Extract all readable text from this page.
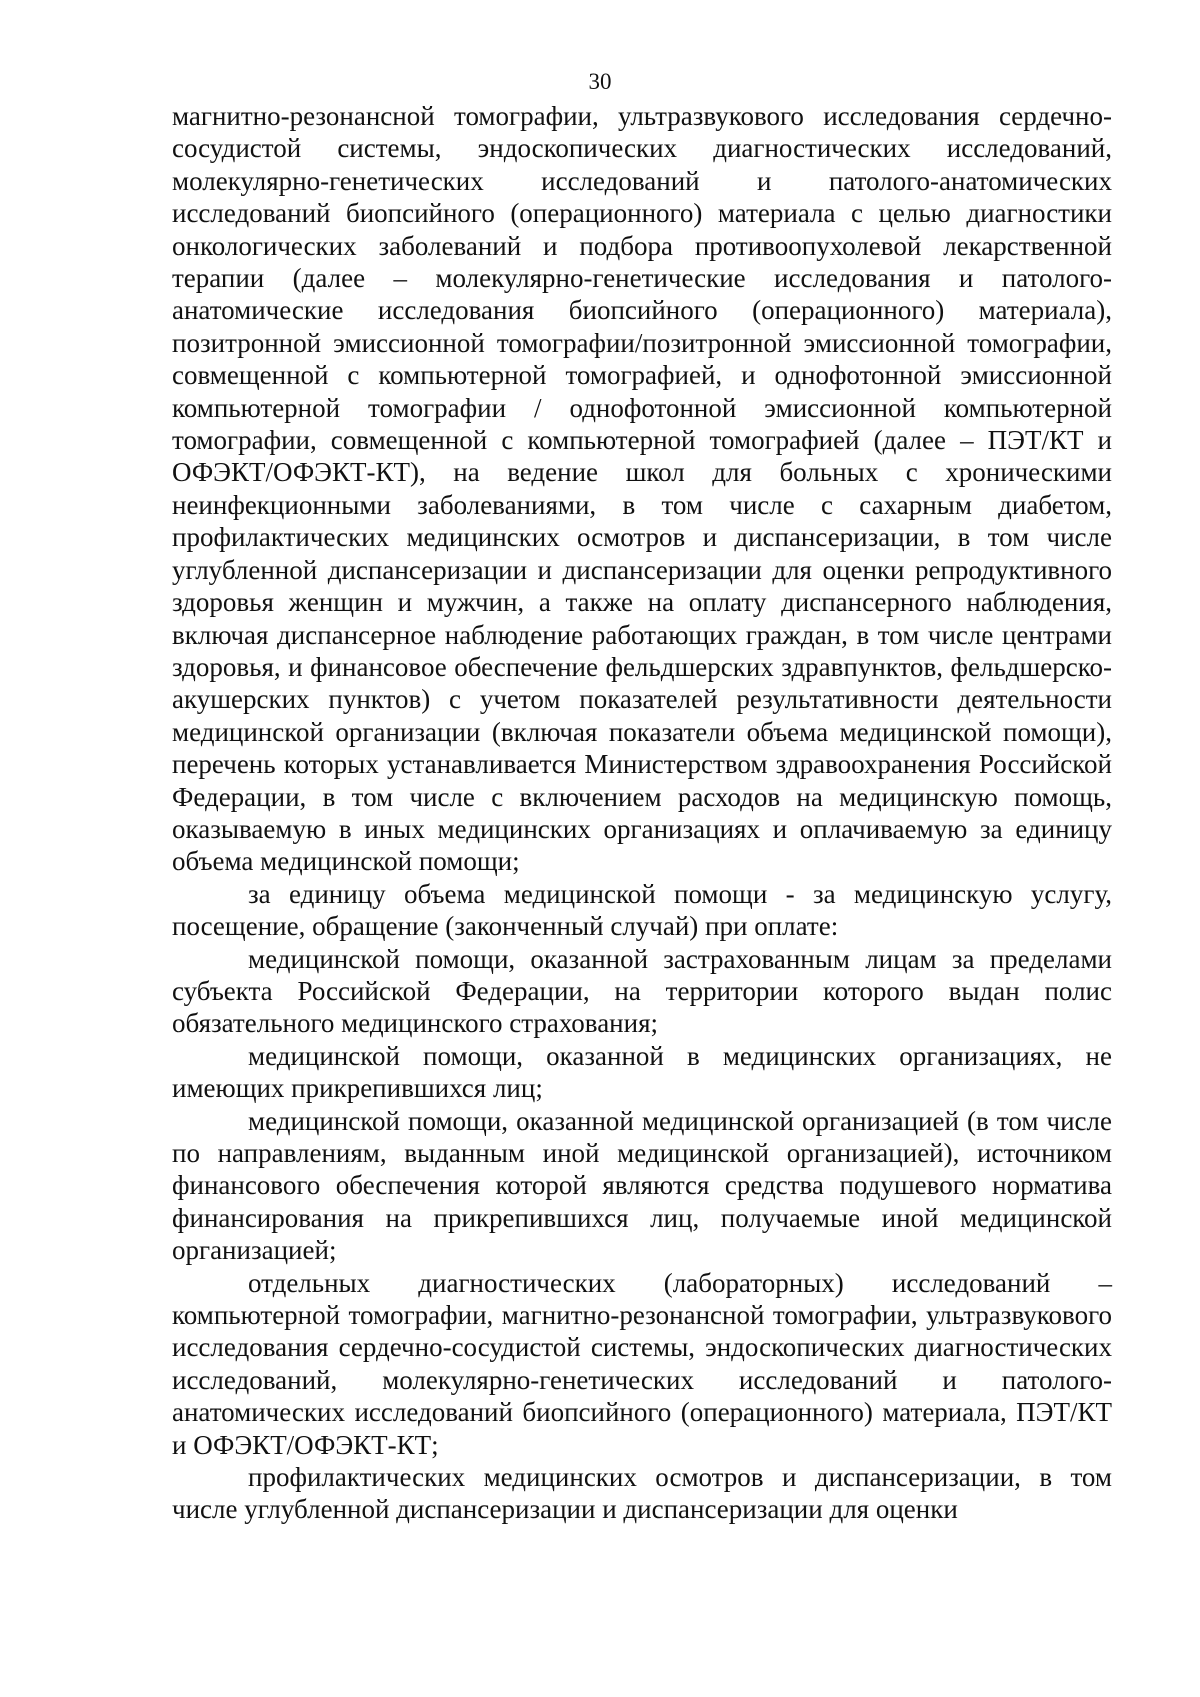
30

магнитно-резонансной томографии, ультразвукового исследования сердечно-сосудистой системы, эндоскопических диагностических исследований, молекулярно-генетических исследований и патолого-анатомических исследований биопсийного (операционного) материала с целью диагностики онкологических заболеваний и подбора противоопухолевой лекарственной терапии (далее – молекулярно-генетические исследования и патолого-анатомические исследования биопсийного (операционного) материала), позитронной эмиссионной томографии/позитронной эмиссионной томографии, совмещенной с компьютерной томографией, и однофотонной эмиссионной компьютерной томографии / однофотонной эмиссионной компьютерной томографии, совмещенной с компьютерной томографией (далее – ПЭТ/КТ и ОФЭКТ/ОФЭКТ-КТ), на ведение школ для больных с хроническими неинфекционными заболеваниями, в том числе с сахарным диабетом, профилактических медицинских осмотров и диспансеризации, в том числе углубленной диспансеризации и диспансеризации для оценки репродуктивного здоровья женщин и мужчин, а также на оплату диспансерного наблюдения, включая диспансерное наблюдение работающих граждан, в том числе центрами здоровья, и финансовое обеспечение фельдшерских здравпунктов, фельдшерско-акушерских пунктов) с учетом показателей результативности деятельности медицинской организации (включая показатели объема медицинской помощи), перечень которых устанавливается Министерством здравоохранения Российской Федерации, в том числе с включением расходов на медицинскую помощь, оказываемую в иных медицинских организациях и оплачиваемую за единицу объема медицинской помощи;

за единицу объема медицинской помощи - за медицинскую услугу, посещение, обращение (законченный случай) при оплате:

медицинской помощи, оказанной застрахованным лицам за пределами субъекта Российской Федерации, на территории которого выдан полис обязательного медицинского страхования;

медицинской помощи, оказанной в медицинских организациях, не имеющих прикрепившихся лиц;

медицинской помощи, оказанной медицинской организацией (в том числе по направлениям, выданным иной медицинской организацией), источником финансового обеспечения которой являются средства подушевого норматива финансирования на прикрепившихся лиц, получаемые иной медицинской организацией;

отдельных диагностических (лабораторных) исследований – компьютерной томографии, магнитно-резонансной томографии, ультразвукового исследования сердечно-сосудистой системы, эндоскопических диагностических исследований, молекулярно-генетических исследований и патолого-анатомических исследований биопсийного (операционного) материала, ПЭТ/КТ и ОФЭКТ/ОФЭКТ-КТ;

профилактических медицинских осмотров и диспансеризации, в том числе углубленной диспансеризации и диспансеризации для оценки
